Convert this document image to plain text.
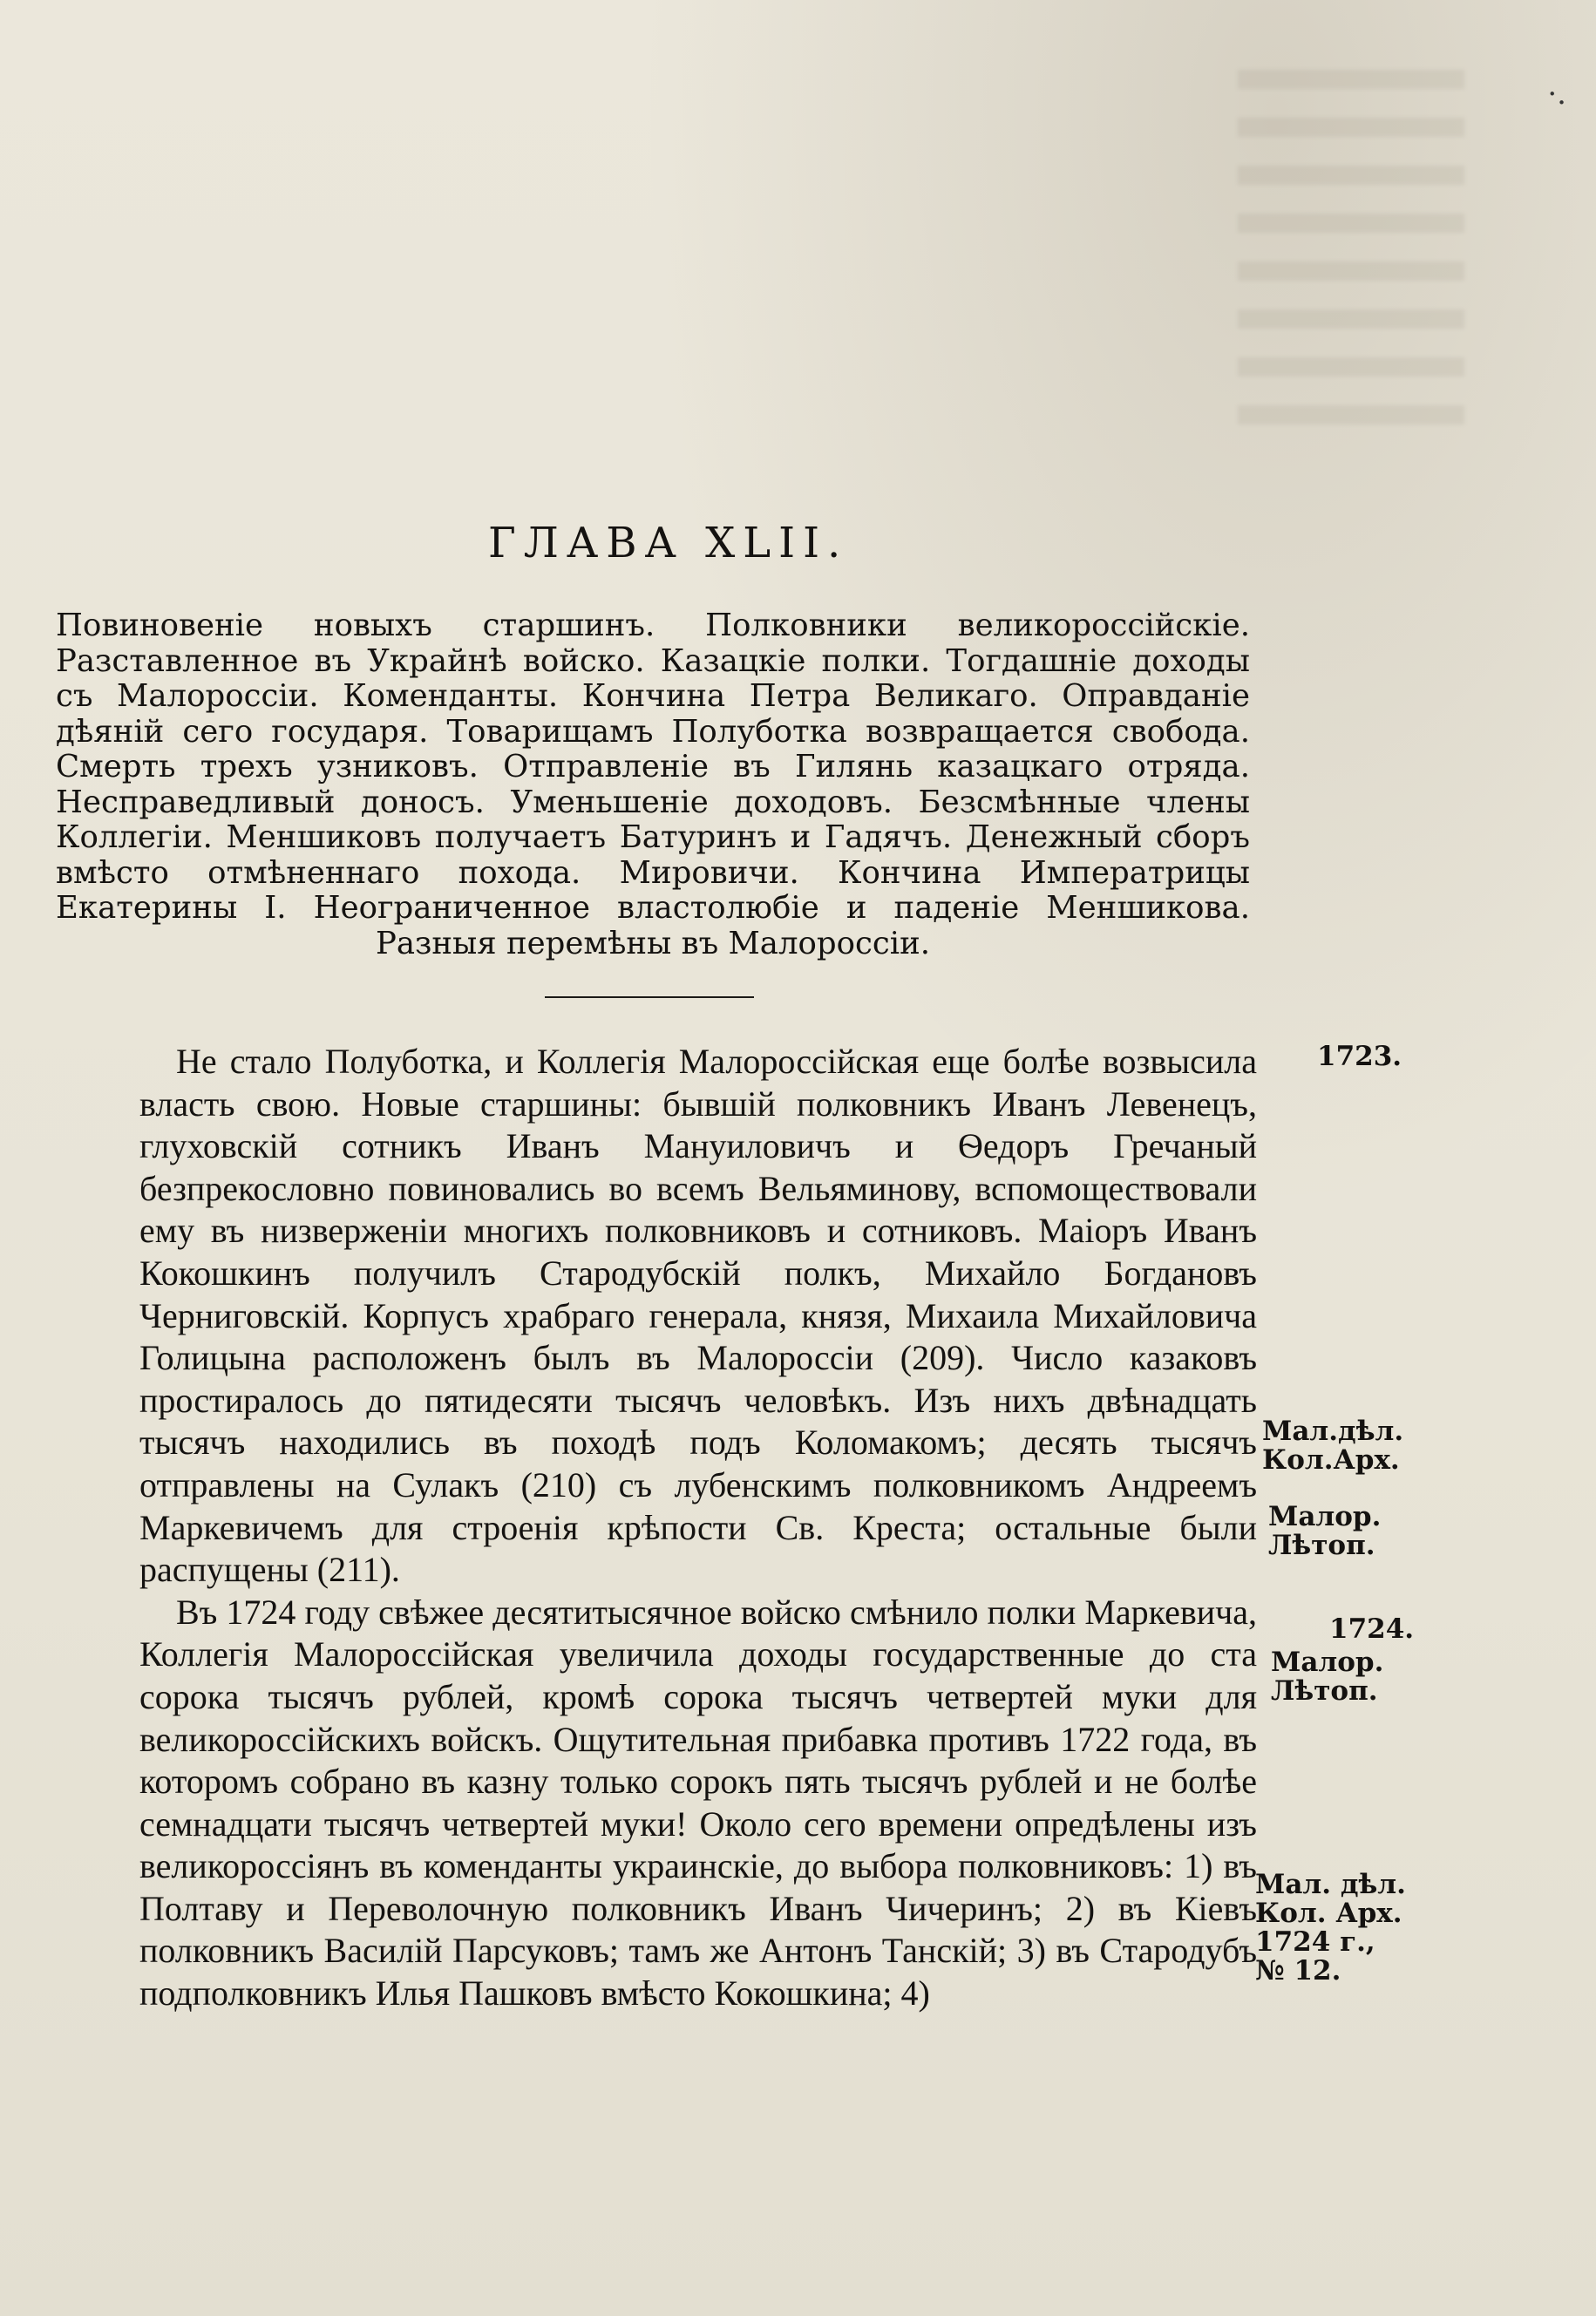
·.
ГЛАВА XLII.
Повиновеніе новыхъ старшинъ. Полковники великороссійскіе. Разставленное въ Украйнѣ войско. Казацкіе полки. Тогдашніе доходы съ Малороссіи. Коменданты. Кончина Петра Великаго. Оправданіе дѣяній сего государя. Товарищамъ Полуботка возвращается свобода. Смерть трехъ узниковъ. Отправленіе въ Гилянь казацкаго отряда. Несправедливый доносъ. Уменьшеніе доходовъ. Безсмѣнные члены Коллегіи. Меншиковъ получаетъ Батуринъ и Гадячъ. Денежный сборъ вмѣсто отмѣненнаго похода. Мировичи. Кончина Императрицы Екатерины I. Неограниченное властолюбіе и паденіе Меншикова. Разныя перемѣны въ Малороссіи.

Не стало Полуботка, и Коллегія Малороссійская еще болѣе возвысила власть свою. Новые старшины: бывшій полковникъ Иванъ Левенецъ, глуховскій сотникъ Иванъ Мануиловичъ и Ѳедоръ Гречаный безпрекословно повиновались во всемъ Вельяминову, вспомоществовали ему въ низверженіи многихъ полковниковъ и сотниковъ. Маіоръ Иванъ Кокошкинъ получилъ Стародубскій полкъ, Михайло Богдановъ Черниговскій. Корпусъ храбраго генерала, князя, Михаила Михайловича Голицына расположенъ былъ въ Малороссіи (209). Число казаковъ простиралось до пятидесяти тысячъ человѣкъ. Изъ нихъ двѣнадцать тысячъ находились въ походѣ подъ Коломакомъ; десять тысячъ отправлены на Сулакъ (210) съ лубенскимъ полковникомъ Андреемъ Маркевичемъ для строенія крѣпости Св. Креста; остальные были распущены (211).

Въ 1724 году свѣжее десятитысячное войско смѣнило полки Маркевича, Коллегія Малороссійская увеличила доходы государственные до ста сорока тысячъ рублей, кромѣ сорока тысячъ четвертей муки для великороссійскихъ войскъ. Ощутительная прибавка противъ 1722 года, въ которомъ собрано въ казну только сорокъ пять тысячъ рублей и не болѣе семнадцати тысячъ четвертей муки! Около сего времени опредѣлены изъ великороссіянъ въ коменданты украинскіе, до выбора полковниковъ: 1) въ Полтаву и Переволочную полковникъ Иванъ Чичеринъ; 2) въ Кіевъ полковникъ Василій Парсуковъ; тамъ же Антонъ Танскій; 3) въ Стародубъ подполковникъ Илья Пашковъ вмѣсто Кокошкина; 4)

1723.
Мал.дѣл.
Кол.Арх.
Малор.
Лѣтоп.
1724.
Малор.
Лѣтоп.
Мал. дѣл.
Кол. Арх.
1724 г.,
№ 12.
